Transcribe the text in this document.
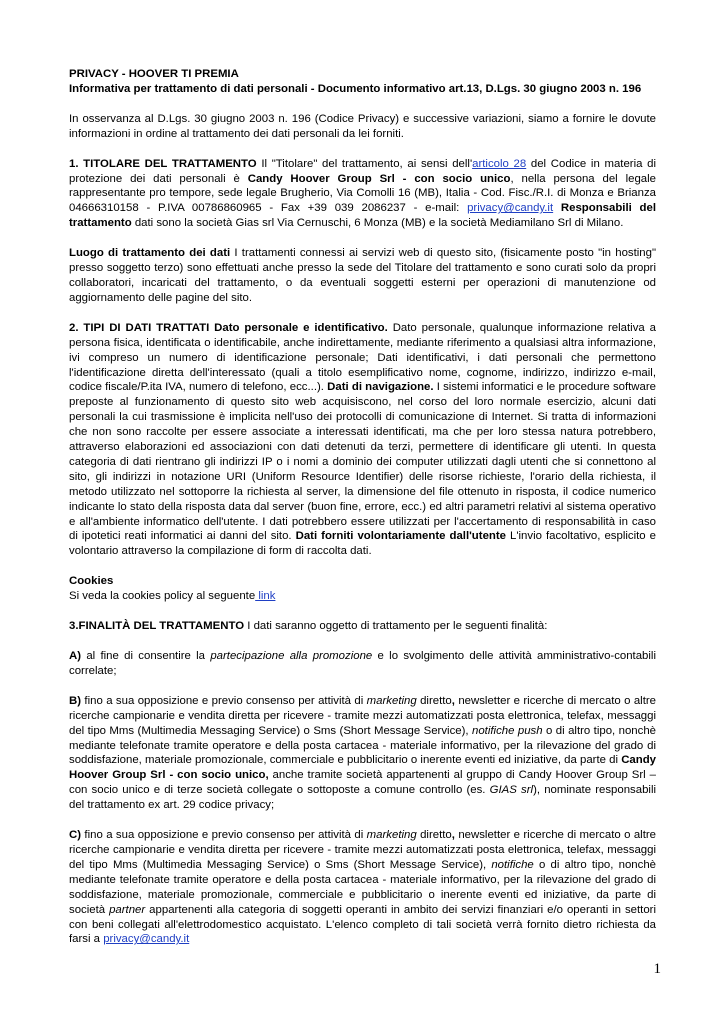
PRIVACY - HOOVER TI PREMIA

Informativa per trattamento di dati personali - Documento informativo art.13, D.Lgs. 30 giugno 2003 n. 196

In osservanza al D.Lgs. 30 giugno 2003 n. 196 (Codice Privacy) e successive variazioni, siamo a fornire le dovute informazioni in ordine al trattamento dei dati personali da lei forniti.

1. TITOLARE DEL TRATTAMENTO Il "Titolare" del trattamento, ai sensi dell'articolo 28 del Codice in materia di protezione dei dati personali è Candy Hoover Group Srl - con socio unico, nella persona del legale rappresentante pro tempore, sede legale Brugherio, Via Comolli 16 (MB), Italia - Cod. Fisc./R.I. di Monza e Brianza 04666310158 - P.IVA 00786860965 - Fax +39 039 2086237 - e-mail: privacy@candy.it Responsabili del trattamento dati sono la società Gias srl Via Cernuschi, 6 Monza (MB) e la società Mediamilano Srl di Milano.

Luogo di trattamento dei dati I trattamenti connessi ai servizi web di questo sito, (fisicamente posto "in hosting" presso soggetto terzo) sono effettuati anche presso la sede del Titolare del trattamento e sono curati solo da propri collaboratori, incaricati del trattamento, o da eventuali soggetti esterni per operazioni di manutenzione od aggiornamento delle pagine del sito.

2. TIPI DI DATI TRATTATI Dato personale e identificativo. Dato personale, qualunque informazione relativa a persona fisica, identificata o identificabile, anche indirettamente, mediante riferimento a qualsiasi altra informazione, ivi compreso un numero di identificazione personale; Dati identificativi, i dati personali che permettono l'identificazione diretta dell'interessato (quali a titolo esemplificativo nome, cognome, indirizzo, indirizzo e-mail, codice fiscale/P.ita IVA, numero di telefono, ecc...). Dati di navigazione. I sistemi informatici e le procedure software preposte al funzionamento di questo sito web acquisiscono, nel corso del loro normale esercizio, alcuni dati personali la cui trasmissione è implicita nell'uso dei protocolli di comunicazione di Internet. Si tratta di informazioni che non sono raccolte per essere associate a interessati identificati, ma che per loro stessa natura potrebbero, attraverso elaborazioni ed associazioni con dati detenuti da terzi, permettere di identificare gli utenti. In questa categoria di dati rientrano gli indirizzi IP o i nomi a dominio dei computer utilizzati dagli utenti che si connettono al sito, gli indirizzi in notazione URI (Uniform Resource Identifier) delle risorse richieste, l'orario della richiesta, il metodo utilizzato nel sottoporre la richiesta al server, la dimensione del file ottenuto in risposta, il codice numerico indicante lo stato della risposta data dal server (buon fine, errore, ecc.) ed altri parametri relativi al sistema operativo e all'ambiente informatico dell'utente. I dati potrebbero essere utilizzati per l'accertamento di responsabilità in caso di ipotetici reati informatici ai danni del sito. Dati forniti volontariamente dall'utente L'invio facoltativo, esplicito e volontario attraverso la compilazione di form di raccolta dati.

Cookies

Si veda la cookies policy al seguente link

3.FINALITÀ DEL TRATTAMENTO I dati saranno oggetto di trattamento per le seguenti finalità:

A) al fine di consentire la partecipazione alla promozione e lo svolgimento delle attività amministrativo-contabili correlate;

B) fino a sua opposizione e previo consenso per attività di marketing diretto, newsletter e ricerche di mercato o altre ricerche campionarie e vendita diretta per ricevere - tramite mezzi automatizzati posta elettronica, telefax, messaggi del tipo Mms (Multimedia Messaging Service) o Sms (Short Message Service), notifiche push o di altro tipo, nonchè mediante telefonate tramite operatore e della posta cartacea - materiale informativo, per la rilevazione del grado di soddisfazione, materiale promozionale, commerciale e pubblicitario o inerente eventi ed iniziative, da parte di Candy Hoover Group Srl - con socio unico, anche tramite società appartenenti al gruppo di Candy Hoover Group Srl – con socio unico e di terze società collegate o sottoposte a comune controllo (es. GIAS srl), nominate responsabili del trattamento ex art. 29 codice privacy;

C) fino a sua opposizione e previo consenso per attività di marketing diretto, newsletter e ricerche di mercato o altre ricerche campionarie e vendita diretta per ricevere - tramite mezzi automatizzati posta elettronica, telefax, messaggi del tipo Mms (Multimedia Messaging Service) o Sms (Short Message Service), notifiche o di altro tipo, nonchè mediante telefonate tramite operatore e della posta cartacea - materiale informativo, per la rilevazione del grado di soddisfazione, materiale promozionale, commerciale e pubblicitario o inerente eventi ed iniziative, da parte di società partner appartenenti alla categoria di soggetti operanti in ambito dei servizi finanziari e/o operanti in settori con beni collegati all'elettrodomestico acquistato. L'elenco completo di tali società verrà fornito dietro richiesta da farsi a privacy@candy.it

1
